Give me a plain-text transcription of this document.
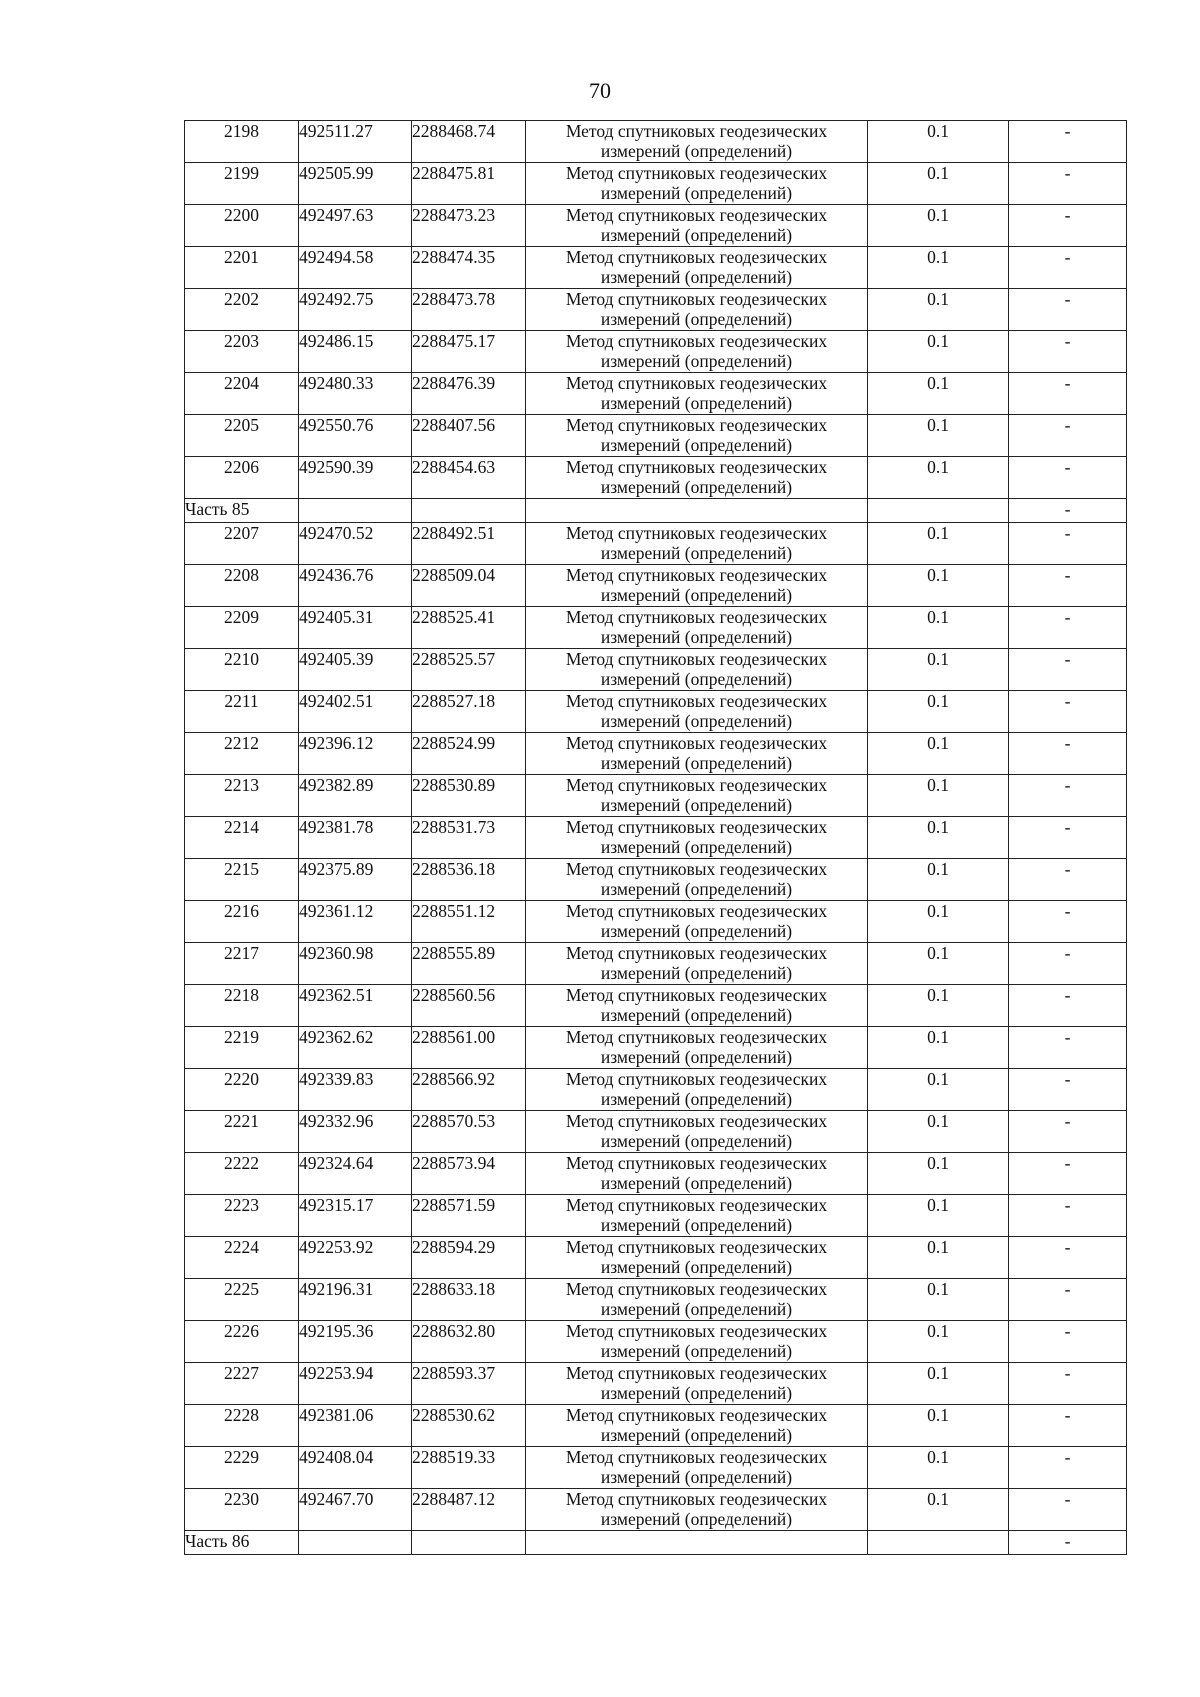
70
2198	492511.27	2288468.74	Метод спутниковых геодезических измерений (определений)	0.1	-
2199	492505.99	2288475.81	Метод спутниковых геодезических измерений (определений)	0.1	-
2200	492497.63	2288473.23	Метод спутниковых геодезических измерений (определений)	0.1	-
2201	492494.58	2288474.35	Метод спутниковых геодезических измерений (определений)	0.1	-
2202	492492.75	2288473.78	Метод спутниковых геодезических измерений (определений)	0.1	-
2203	492486.15	2288475.17	Метод спутниковых геодезических измерений (определений)	0.1	-
2204	492480.33	2288476.39	Метод спутниковых геодезических измерений (определений)	0.1	-
2205	492550.76	2288407.56	Метод спутниковых геодезических измерений (определений)	0.1	-
2206	492590.39	2288454.63	Метод спутниковых геодезических измерений (определений)	0.1	-
Часть 85					-
2207	492470.52	2288492.51	Метод спутниковых геодезических измерений (определений)	0.1	-
2208	492436.76	2288509.04	Метод спутниковых геодезических измерений (определений)	0.1	-
2209	492405.31	2288525.41	Метод спутниковых геодезических измерений (определений)	0.1	-
2210	492405.39	2288525.57	Метод спутниковых геодезических измерений (определений)	0.1	-
2211	492402.51	2288527.18	Метод спутниковых геодезических измерений (определений)	0.1	-
2212	492396.12	2288524.99	Метод спутниковых геодезических измерений (определений)	0.1	-
2213	492382.89	2288530.89	Метод спутниковых геодезических измерений (определений)	0.1	-
2214	492381.78	2288531.73	Метод спутниковых геодезических измерений (определений)	0.1	-
2215	492375.89	2288536.18	Метод спутниковых геодезических измерений (определений)	0.1	-
2216	492361.12	2288551.12	Метод спутниковых геодезических измерений (определений)	0.1	-
2217	492360.98	2288555.89	Метод спутниковых геодезических измерений (определений)	0.1	-
2218	492362.51	2288560.56	Метод спутниковых геодезических измерений (определений)	0.1	-
2219	492362.62	2288561.00	Метод спутниковых геодезических измерений (определений)	0.1	-
2220	492339.83	2288566.92	Метод спутниковых геодезических измерений (определений)	0.1	-
2221	492332.96	2288570.53	Метод спутниковых геодезических измерений (определений)	0.1	-
2222	492324.64	2288573.94	Метод спутниковых геодезических измерений (определений)	0.1	-
2223	492315.17	2288571.59	Метод спутниковых геодезических измерений (определений)	0.1	-
2224	492253.92	2288594.29	Метод спутниковых геодезических измерений (определений)	0.1	-
2225	492196.31	2288633.18	Метод спутниковых геодезических измерений (определений)	0.1	-
2226	492195.36	2288632.80	Метод спутниковых геодезических измерений (определений)	0.1	-
2227	492253.94	2288593.37	Метод спутниковых геодезических измерений (определений)	0.1	-
2228	492381.06	2288530.62	Метод спутниковых геодезических измерений (определений)	0.1	-
2229	492408.04	2288519.33	Метод спутниковых геодезических измерений (определений)	0.1	-
2230	492467.70	2288487.12	Метод спутниковых геодезических измерений (определений)	0.1	-
Часть 86					-
